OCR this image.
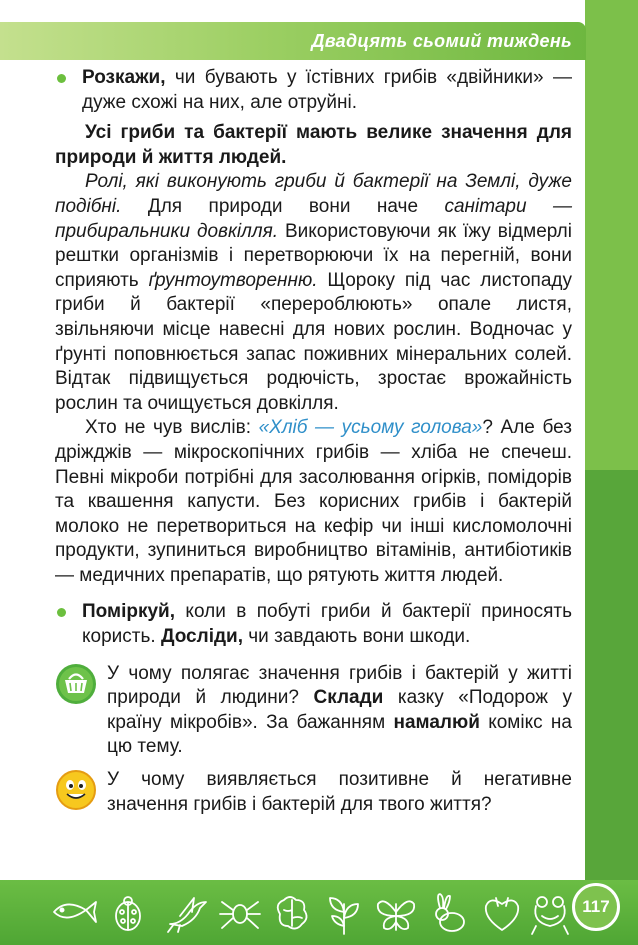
Двадцять сьомий тиждень

Розкажи, чи бувають у їстівних грибів «двійники» — дуже схожі на них, але отруйні.

Усі гриби та бактерії мають велике значення для природи й життя людей.

Ролі, які виконують гриби й бактерії на Землі, дуже подібні. Для природи вони наче санітари — прибиральники довкілля. Використовуючи як їжу відмерлі рештки організмів і перетворюючи їх на перегній, вони сприяють ґрунтоутворенню. Щороку під час листопаду гриби й бактерії «перероблюють» опале листя, звільняючи місце навесні для нових рослин. Водночас у ґрунті поповнюється запас поживних мінеральних солей. Відтак підвищується родючість, зростає врожайність рослин та очищується довкілля.

Хто не чув вислів: «Хліб — усьому голова»? Але без дріжджів — мікроскопічних грибів — хліба не спечеш. Певні мікроби потрібні для засолювання огірків, помідорів та квашення капусти. Без корисних грибів і бактерій молоко не перетвориться на кефір чи інші кисломолочні продукти, зупиниться виробництво вітамінів, антибіотиків — медичних препаратів, що рятують життя людей.

Поміркуй, коли в побуті гриби й бактерії приносять користь. Досліди, чи завдають вони шкоди.

У чому полягає значення грибів і бактерій у житті природи й людини? Склади казку «Подорож у країну мікробів». За бажанням намалюй комікс на цю тему.

У чому виявляється позитивне й негативне значення грибів і бактерій для твого життя?

117
